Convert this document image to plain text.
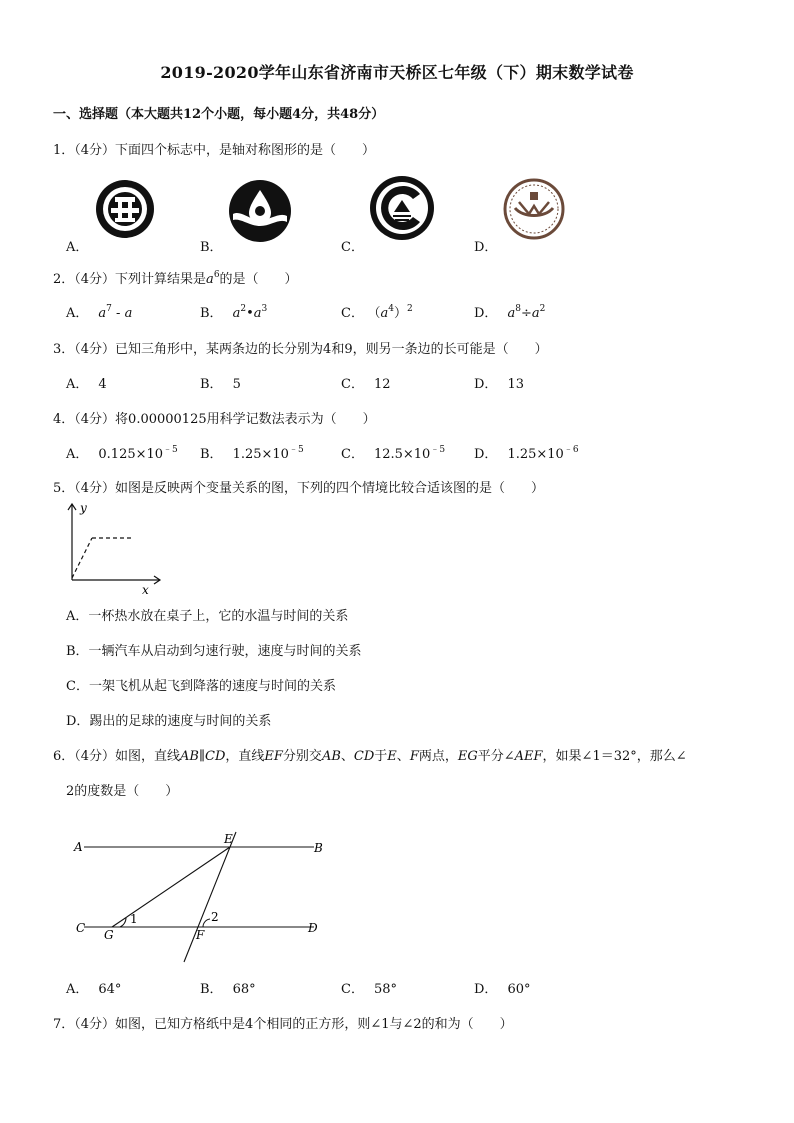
2019-2020学年山东省济南市天桥区七年级（下）期末数学试卷
一、选择题（本大题共12个小题，每小题4分，共48分）
1．（4分）下面四个标志中，是轴对称图形的是（　　）
A．	B．	C．	D．
2．（4分）下列计算结果是$a^6$的是（　　）
A． $a^7$ - a	B． $a^2•a^3$	C． $(a^4)^2$	D． $a^8\div a^2$
3．（4分）已知三角形中，某两条边的长分别为4和9，则另一条边的长可能是（　　）
A． 4	B． 5	C． 12	D． 13
4．（4分）将0.00000125用科学记数法表示为（　　）
A． $0.125\times 10^{﹣5}$ B． $1.25\times 10^{﹣5}$	C． $12.5\times 10^{﹣5}$ D． $1.25\times 10^{﹣6}$
5．（4分）如图是反映两个变量关系的图，下列的四个情境比较合适该图的是（　　）
y
x
A．一杯热水放在桌子上，它的水温与时间的关系
B．一辆汽车从启动到匀速行驶，速度与时间的关系
C．一架飞机从起飞到降落的速度与时间的关系
D．踢出的足球的速度与时间的关系
6．（4分）如图，直线AB∥CD，直线EF分别交AB、CD于E、F两点，EG平分∠AEF，如果∠1＝32°，那么∠
2的度数是（　　）
A	B
E
C	D
G	F
1	2
A． 64°	B． 68°	C． 58°	D． 60°
7．（4分）如图，已知方格纸中是4个相同的正方形，则∠1与∠2的和为（　　）
